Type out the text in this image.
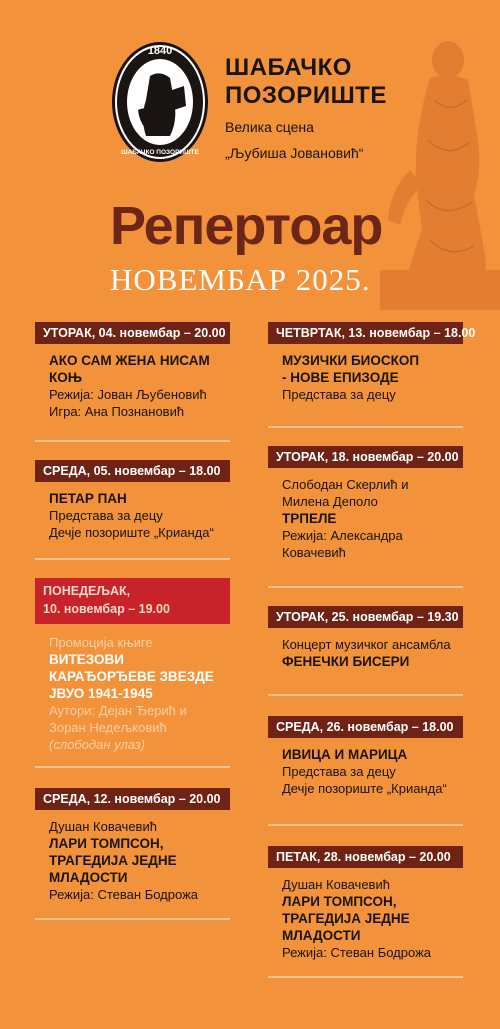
1840
ШАБАЧКО ПОЗОРИШТЕ
ШАБАЧКО
ПОЗОРИШТЕ
Велика сцена
„Љубиша Јовановић“
Репертоар
НОВЕМБАР 2025.
УТОРАК, 04. новембар – 20.00
АКО САМ ЖЕНА НИСАМ
КОЊ
Режија: Јован Љубеновић
Игра: Ана Познановић
СРЕДА, 05. новембар – 18.00
ПЕТАР ПАН
Представа за децу
Дечје позориште „Крианда“
ПОНЕДЕЉАК,
10. новембар – 19.00
Промоција књиге
ВИТЕЗОВИ
КАРАЂОРЂЕВЕ ЗВЕЗДЕ
ЈВУО 1941-1945
Аутори: Дејан Ђерић и
Зоран Недељковић
(слободан улаз)
СРЕДА, 12. новембар – 20.00
Душан Ковачевић
ЛАРИ ТОМПСОН,
ТРАГЕДИЈА ЈЕДНЕ
МЛАДОСТИ
Режија: Стеван Бодрожа
ЧЕТВРТАК, 13. новембар – 18.00
МУЗИЧКИ БИОСКОП
- НОВЕ ЕПИЗОДЕ
Представа за децу
УТОРАК, 18. новембар – 20.00
Слободан Скерлић и
Милена Деполо
ТРПЕЛЕ
Режија: Александра
Ковачевић
УТОРАК, 25. новембар – 19.30
Концерт музичког ансамбла
ФЕНЕЧКИ БИСЕРИ
СРЕДА, 26. новембар – 18.00
ИВИЦА И МАРИЦА
Представа за децу
Дечје позориште „Крианда“
ПЕТАК, 28. новембар – 20.00
Душан Ковачевић
ЛАРИ ТОМПСОН,
ТРАГЕДИЈА ЈЕДНЕ
МЛАДОСТИ
Режија: Стеван Бодрожа
